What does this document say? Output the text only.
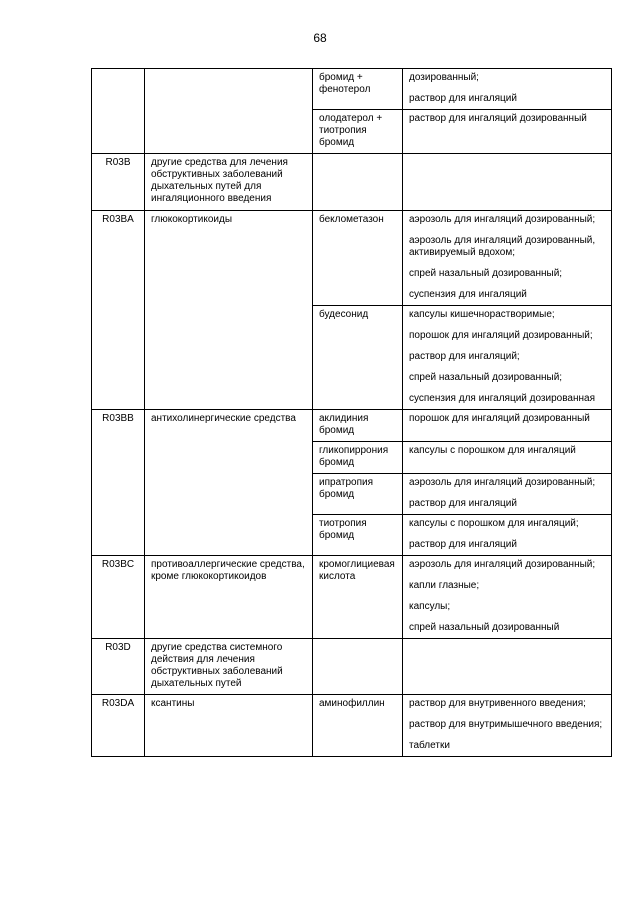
68

		бромид + фенотерол	дозированный;
раствор для ингаляций

		олодатерол + тиотропия бромид	раствор для ингаляций дозированный

R03B	другие средства для лечения обструктивных заболеваний дыхательных путей для ингаляционного введения		

R03BA	глюкокортикоиды	беклометазон	аэрозоль для ингаляций дозированный;
аэрозоль для ингаляций дозированный, активируемый вдохом;
спрей назальный дозированный;
суспензия для ингаляций

		будесонид	капсулы кишечнорастворимые;
порошок для ингаляций дозированный;
раствор для ингаляций;
спрей назальный дозированный;
суспензия для ингаляций дозированная

R03BB	антихолинергические средства	аклидиния бромид	порошок для ингаляций дозированный

		гликопиррония бромид	капсулы с порошком для ингаляций

		ипратропия бромид	аэрозоль для ингаляций дозированный;
раствор для ингаляций

		тиотропия бромид	капсулы с порошком для ингаляций;
раствор для ингаляций

R03BC	противоаллергические средства, кроме глюкокортикоидов	кромоглициевая кислота	аэрозоль для ингаляций дозированный;
капли глазные;
капсулы;
спрей назальный дозированный

R03D	другие средства системного действия для лечения обструктивных заболеваний дыхательных путей		

R03DA	ксантины	аминофиллин	раствор для внутривенного введения;
раствор для внутримышечного введения;
таблетки
